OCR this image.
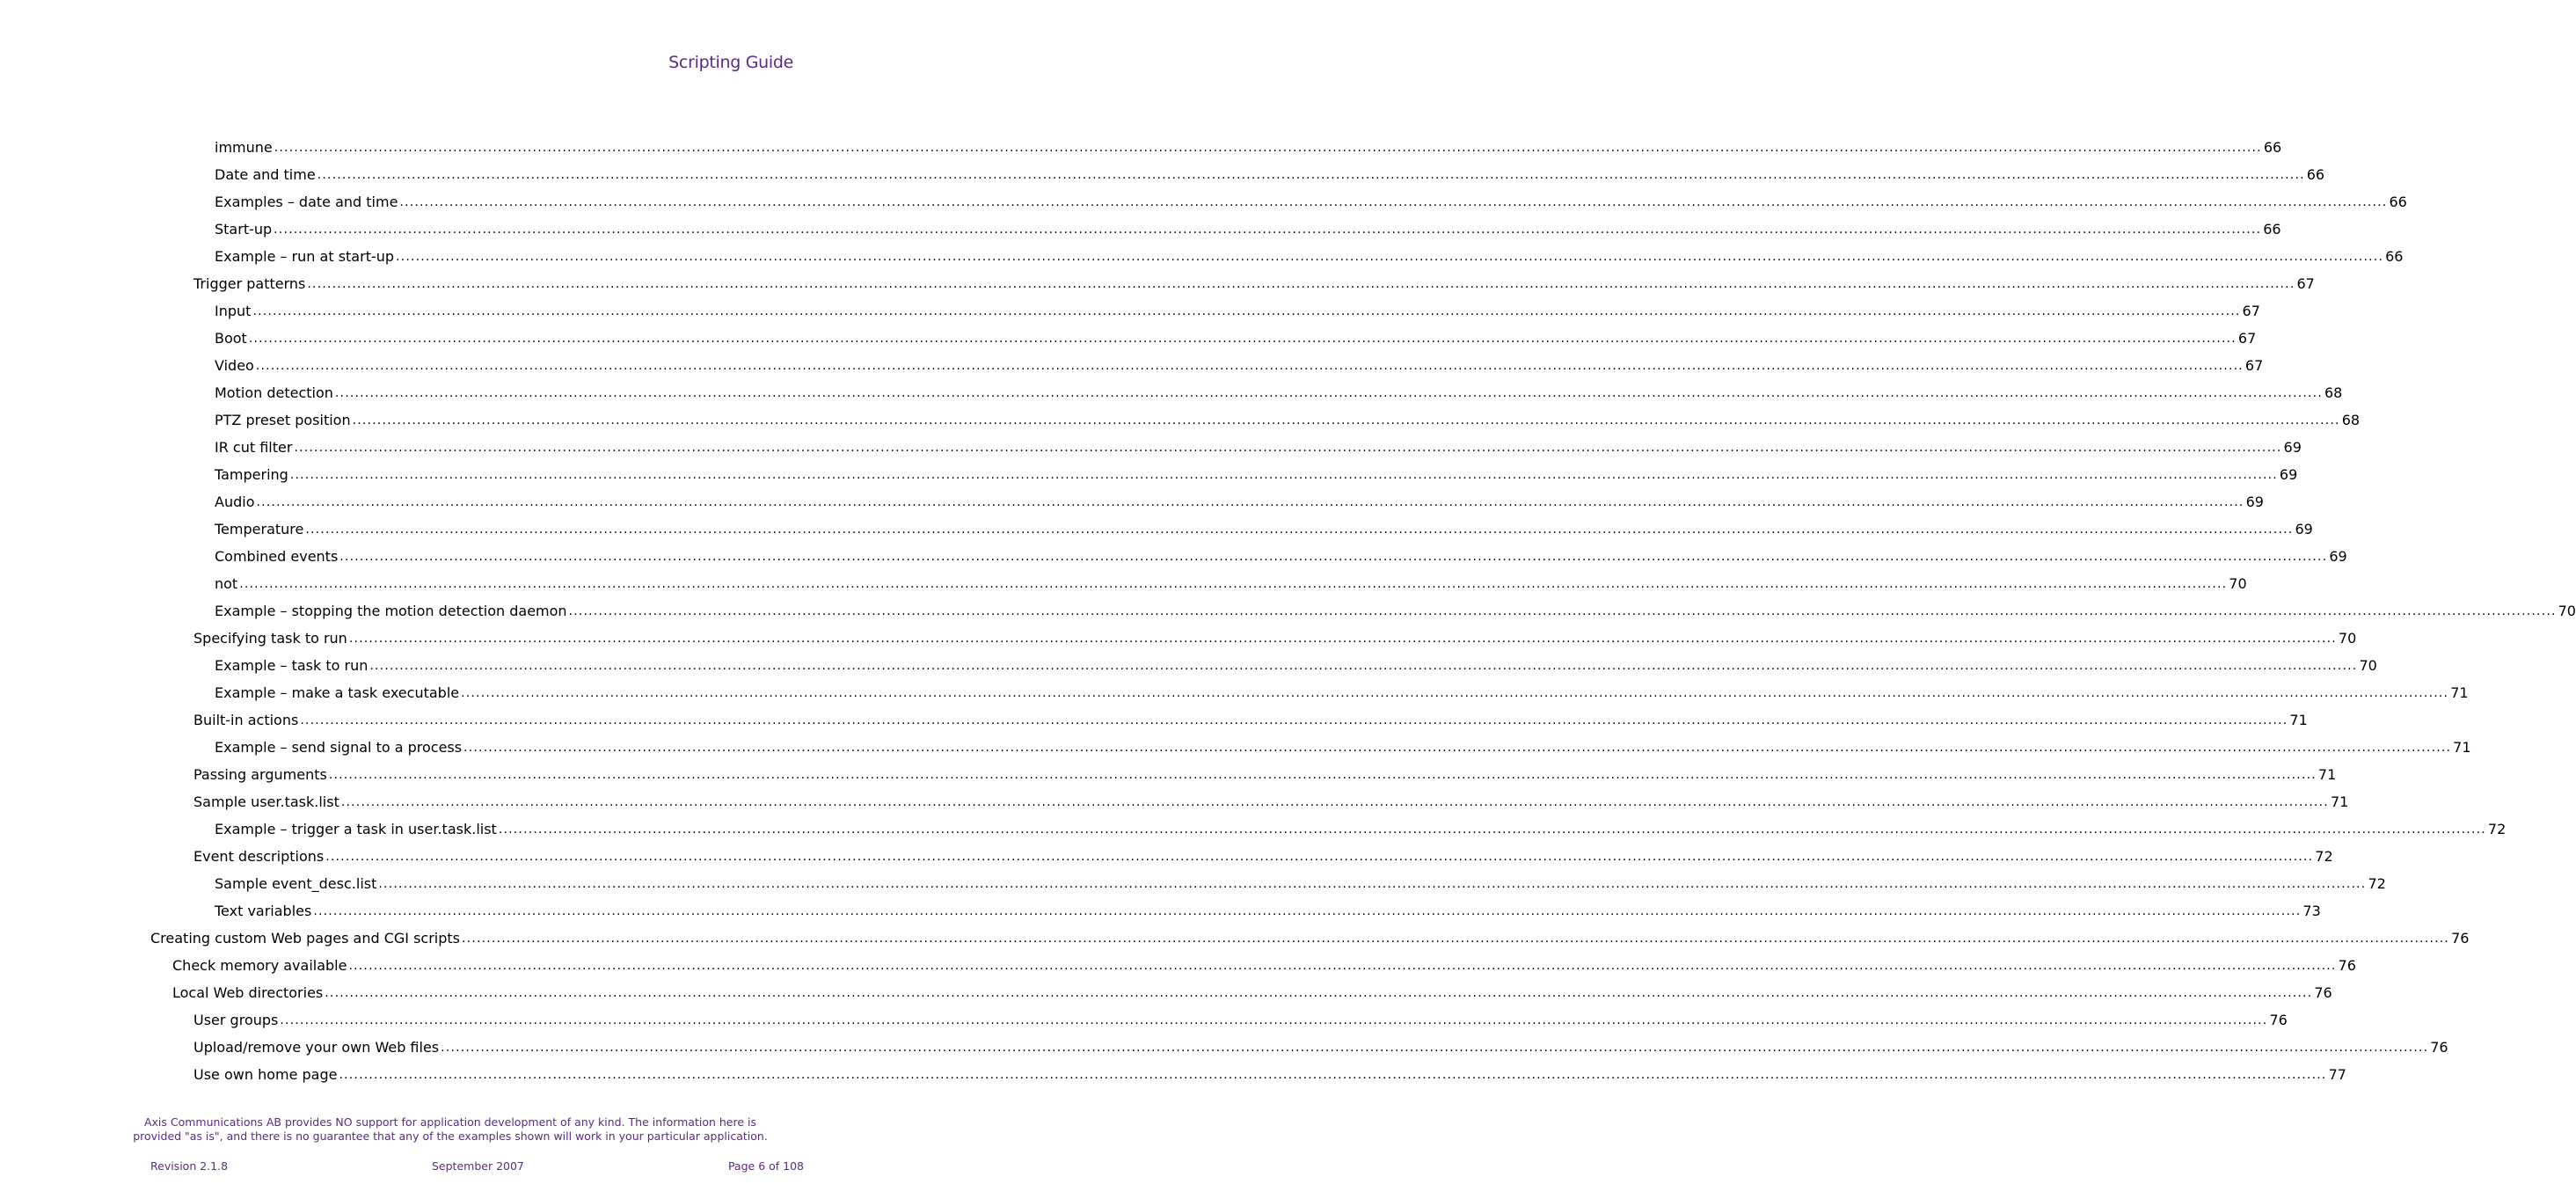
Scripting Guide
immune ................................................................................................................................................................................................................................................................................................................................................................................................................ 66
Date and time ................................................................................................................................................................................................................................................................................................................................................................................................................ 66
Examples – date and time ................................................................................................................................................................................................................................................................................................................................................................................................................ 66
Start-up ................................................................................................................................................................................................................................................................................................................................................................................................................ 66
Example – run at start-up ................................................................................................................................................................................................................................................................................................................................................................................................................ 66
Trigger patterns ................................................................................................................................................................................................................................................................................................................................................................................................................ 67
Input ................................................................................................................................................................................................................................................................................................................................................................................................................ 67
Boot ................................................................................................................................................................................................................................................................................................................................................................................................................ 67
Video ................................................................................................................................................................................................................................................................................................................................................................................................................ 67
Motion detection ................................................................................................................................................................................................................................................................................................................................................................................................................ 68
PTZ preset position ................................................................................................................................................................................................................................................................................................................................................................................................................ 68
IR cut filter ................................................................................................................................................................................................................................................................................................................................................................................................................ 69
Tampering ................................................................................................................................................................................................................................................................................................................................................................................................................ 69
Audio ................................................................................................................................................................................................................................................................................................................................................................................................................ 69
Temperature ................................................................................................................................................................................................................................................................................................................................................................................................................ 69
Combined events ................................................................................................................................................................................................................................................................................................................................................................................................................ 69
not ................................................................................................................................................................................................................................................................................................................................................................................................................ 70
Example – stopping the motion detection daemon ................................................................................................................................................................................................................................................................................................................................................................................................................ 70
Specifying task to run ................................................................................................................................................................................................................................................................................................................................................................................................................ 70
Example – task to run ................................................................................................................................................................................................................................................................................................................................................................................................................ 70
Example – make a task executable ................................................................................................................................................................................................................................................................................................................................................................................................................ 71
Built-in actions ................................................................................................................................................................................................................................................................................................................................................................................................................ 71
Example – send signal to a process ................................................................................................................................................................................................................................................................................................................................................................................................................ 71
Passing arguments ................................................................................................................................................................................................................................................................................................................................................................................................................ 71
Sample user.task.list ................................................................................................................................................................................................................................................................................................................................................................................................................ 71
Example – trigger a task in user.task.list ................................................................................................................................................................................................................................................................................................................................................................................................................ 72
Event descriptions ................................................................................................................................................................................................................................................................................................................................................................................................................ 72
Sample event_desc.list ................................................................................................................................................................................................................................................................................................................................................................................................................ 72
Text variables ................................................................................................................................................................................................................................................................................................................................................................................................................ 73
Creating custom Web pages and CGI scripts ................................................................................................................................................................................................................................................................................................................................................................................................................ 76
Check memory available ................................................................................................................................................................................................................................................................................................................................................................................................................ 76
Local Web directories ................................................................................................................................................................................................................................................................................................................................................................................................................ 76
User groups ................................................................................................................................................................................................................................................................................................................................................................................................................ 76
Upload/remove your own Web files ................................................................................................................................................................................................................................................................................................................................................................................................................ 76
Use own home page ................................................................................................................................................................................................................................................................................................................................................................................................................ 77
Axis Communications AB provides NO support for application development of any kind. The information here is
provided "as is", and there is no guarantee that any of the examples shown will work in your particular application.
Revision 2.1.8	September 2007	Page 6 of 108
